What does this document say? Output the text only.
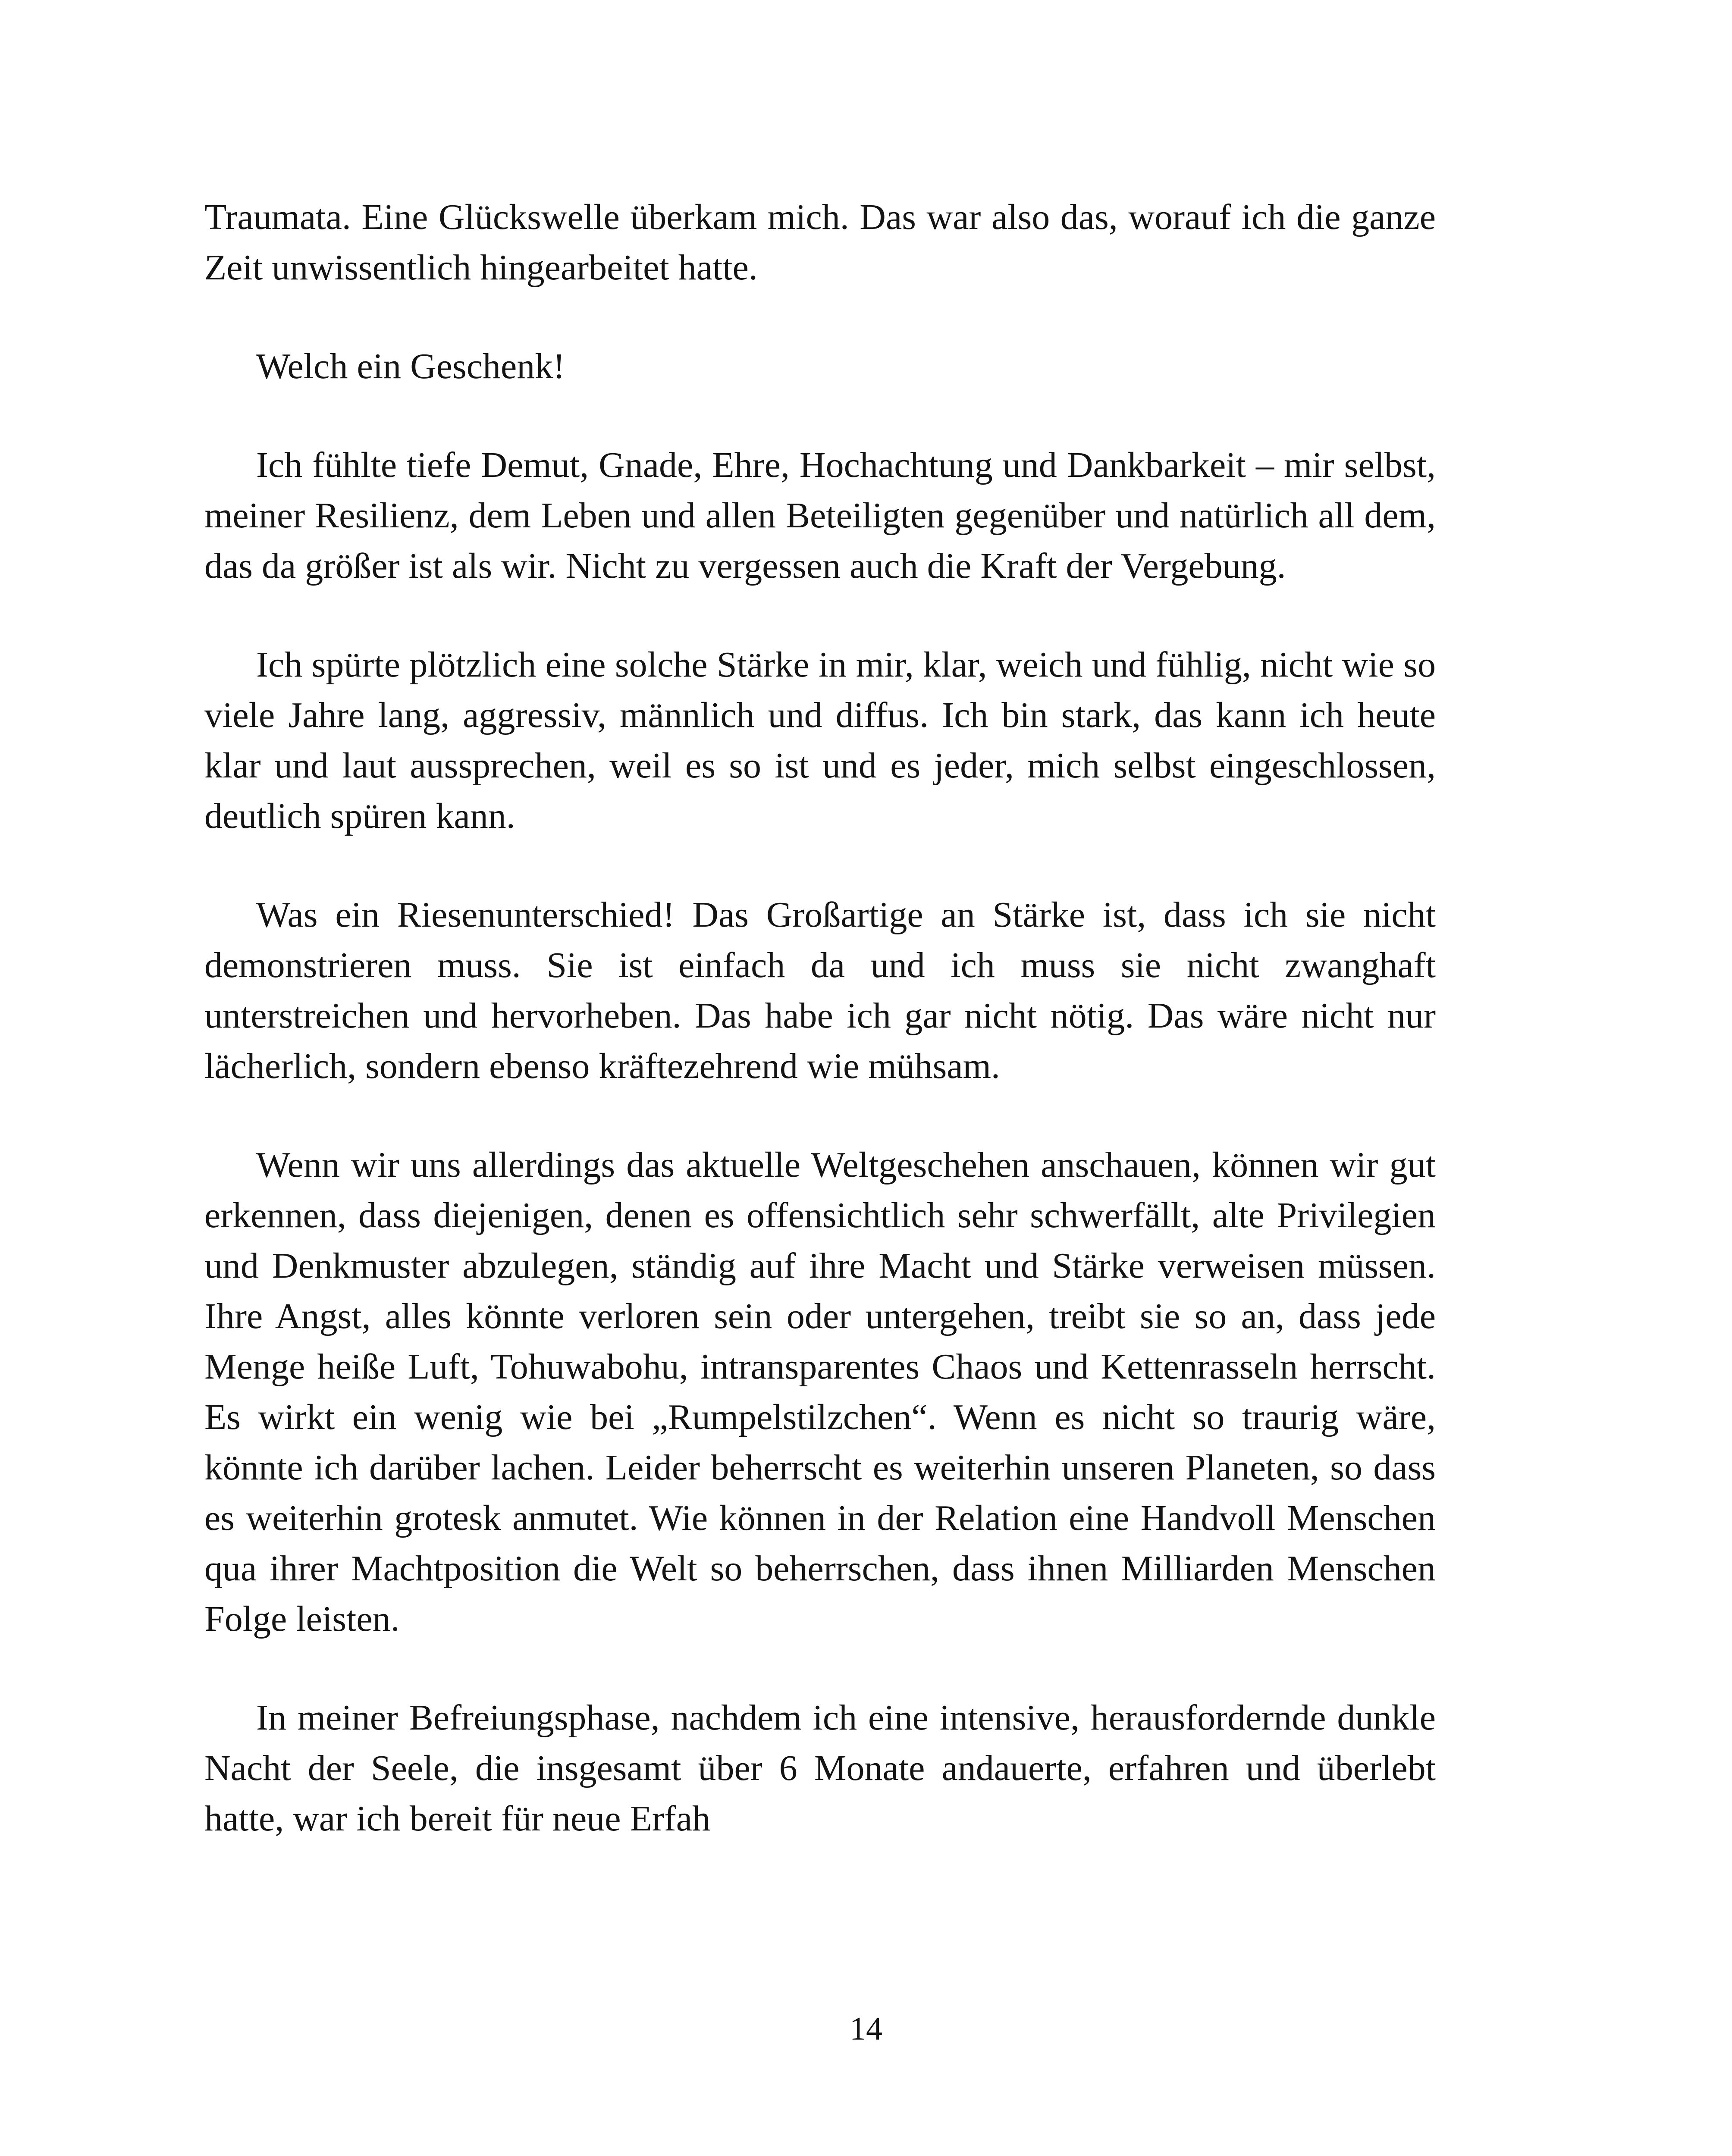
Traumata. Eine Glückswelle überkam mich. Das war also das, worauf ich die ganze Zeit unwissentlich hingearbeitet hatte.

Welch ein Geschenk!

Ich fühlte tiefe Demut, Gnade, Ehre, Hochachtung und Dankbarkeit – mir selbst, meiner Resilienz, dem Leben und allen Beteiligten gegenüber und natürlich all dem, das da größer ist als wir. Nicht zu vergessen auch die Kraft der Vergebung.

Ich spürte plötzlich eine solche Stärke in mir, klar, weich und fühlig, nicht wie so viele Jahre lang, aggressiv, männlich und diffus. Ich bin stark, das kann ich heute klar und laut aussprechen, weil es so ist und es jeder, mich selbst eingeschlossen, deutlich spüren kann.

Was ein Riesenunterschied! Das Großartige an Stärke ist, dass ich sie nicht demonstrieren muss. Sie ist einfach da und ich muss sie nicht zwanghaft unterstreichen und hervorheben. Das habe ich gar nicht nötig. Das wäre nicht nur lächerlich, sondern ebenso kräftezehrend wie mühsam.

Wenn wir uns allerdings das aktuelle Weltgeschehen anschauen, können wir gut erkennen, dass diejenigen, denen es offensichtlich sehr schwerfällt, alte Privilegien und Denkmuster abzulegen, ständig auf ihre Macht und Stärke verweisen müssen. Ihre Angst, alles könnte verloren sein oder untergehen, treibt sie so an, dass jede Menge heiße Luft, Tohuwabohu, intransparentes Chaos und Kettenrasseln herrscht. Es wirkt ein wenig wie bei „Rumpelstilzchen“. Wenn es nicht so traurig wäre, könnte ich darüber lachen. Leider beherrscht es weiterhin unseren Planeten, so dass es weiterhin grotesk anmutet. Wie können in der Relation eine Handvoll Menschen qua ihrer Machtposition die Welt so beherrschen, dass ihnen Milliarden Menschen Folge leisten.

In meiner Befreiungsphase, nachdem ich eine intensive, herausfordernde dunkle Nacht der Seele, die insgesamt über 6 Monate andauerte, erfahren und überlebt hatte, war ich bereit für neue Erfah

14
